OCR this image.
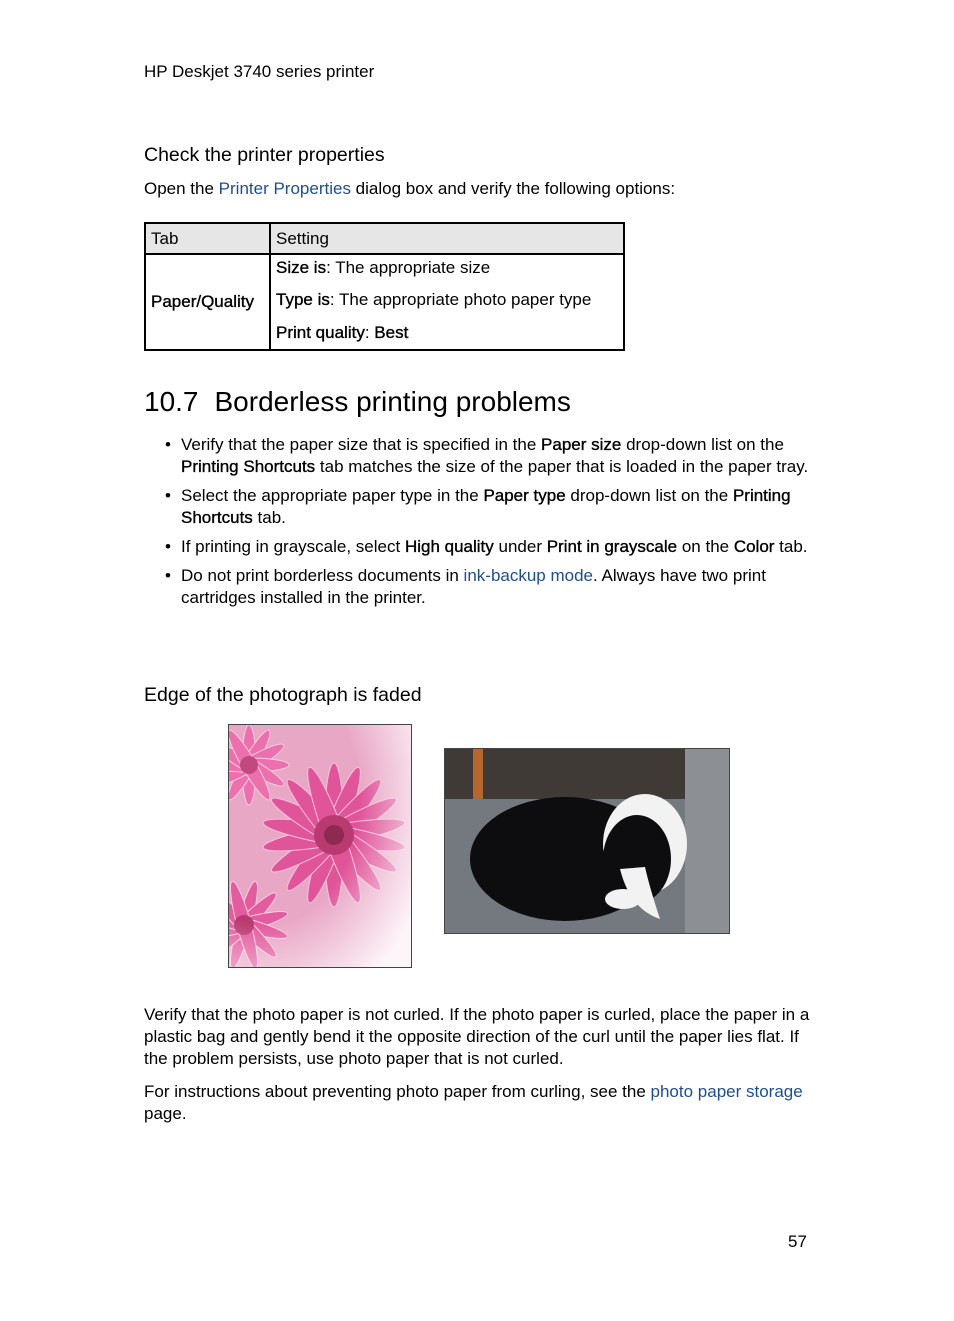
HP Deskjet 3740 series printer
Check the printer properties
Open the Printer Properties dialog box and verify the following options:
Tab	Setting
Paper/Quality	Size is: The appropriate size
Type is: The appropriate photo paper type
Print quality: Best
10.7 Borderless printing problems
• Verify that the paper size that is specified in the Paper size drop-down list on the Printing Shortcuts tab matches the size of the paper that is loaded in the paper tray.
• Select the appropriate paper type in the Paper type drop-down list on the Printing Shortcuts tab.
• If printing in grayscale, select High quality under Print in grayscale on the Color tab.
• Do not print borderless documents in ink-backup mode. Always have two print cartridges installed in the printer.
Edge of the photograph is faded
Verify that the photo paper is not curled. If the photo paper is curled, place the paper in a plastic bag and gently bend it the opposite direction of the curl until the paper lies flat. If the problem persists, use photo paper that is not curled.
For instructions about preventing photo paper from curling, see the photo paper storage page.
57
